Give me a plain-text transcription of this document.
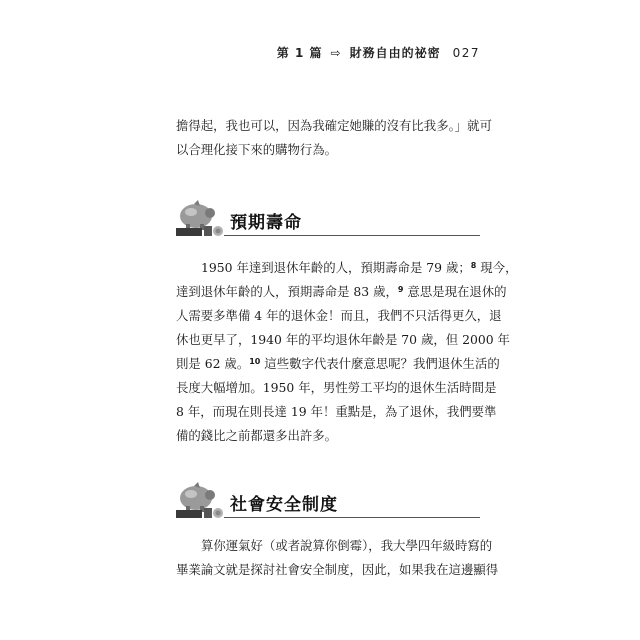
第 1 篇 ⇨ 財務自由的祕密 027

擔得起，我也可以，因為我確定她賺的沒有比我多。」就可
以合理化接下來的購物行為。

預期壽命

1950 年達到退休年齡的人，預期壽命是 79 歲；$^8$ 現今，
達到退休年齡的人，預期壽命是 83 歲，$^9$ 意思是現在退休的
人需要多準備 4 年的退休金！而且，我們不只活得更久，退
休也更早了，1940 年的平均退休年齡是 70 歲，但 2000 年
則是 62 歲。$^{10}$ 這些數字代表什麼意思呢？我們退休生活的
長度大幅增加。1950 年，男性勞工平均的退休生活時間是
8 年，而現在則長達 19 年！重點是，為了退休，我們要準
備的錢比之前都還多出許多。

社會安全制度

算你運氣好（或者說算你倒霉），我大學四年級時寫的
畢業論文就是探討社會安全制度，因此，如果我在這邊顯得
